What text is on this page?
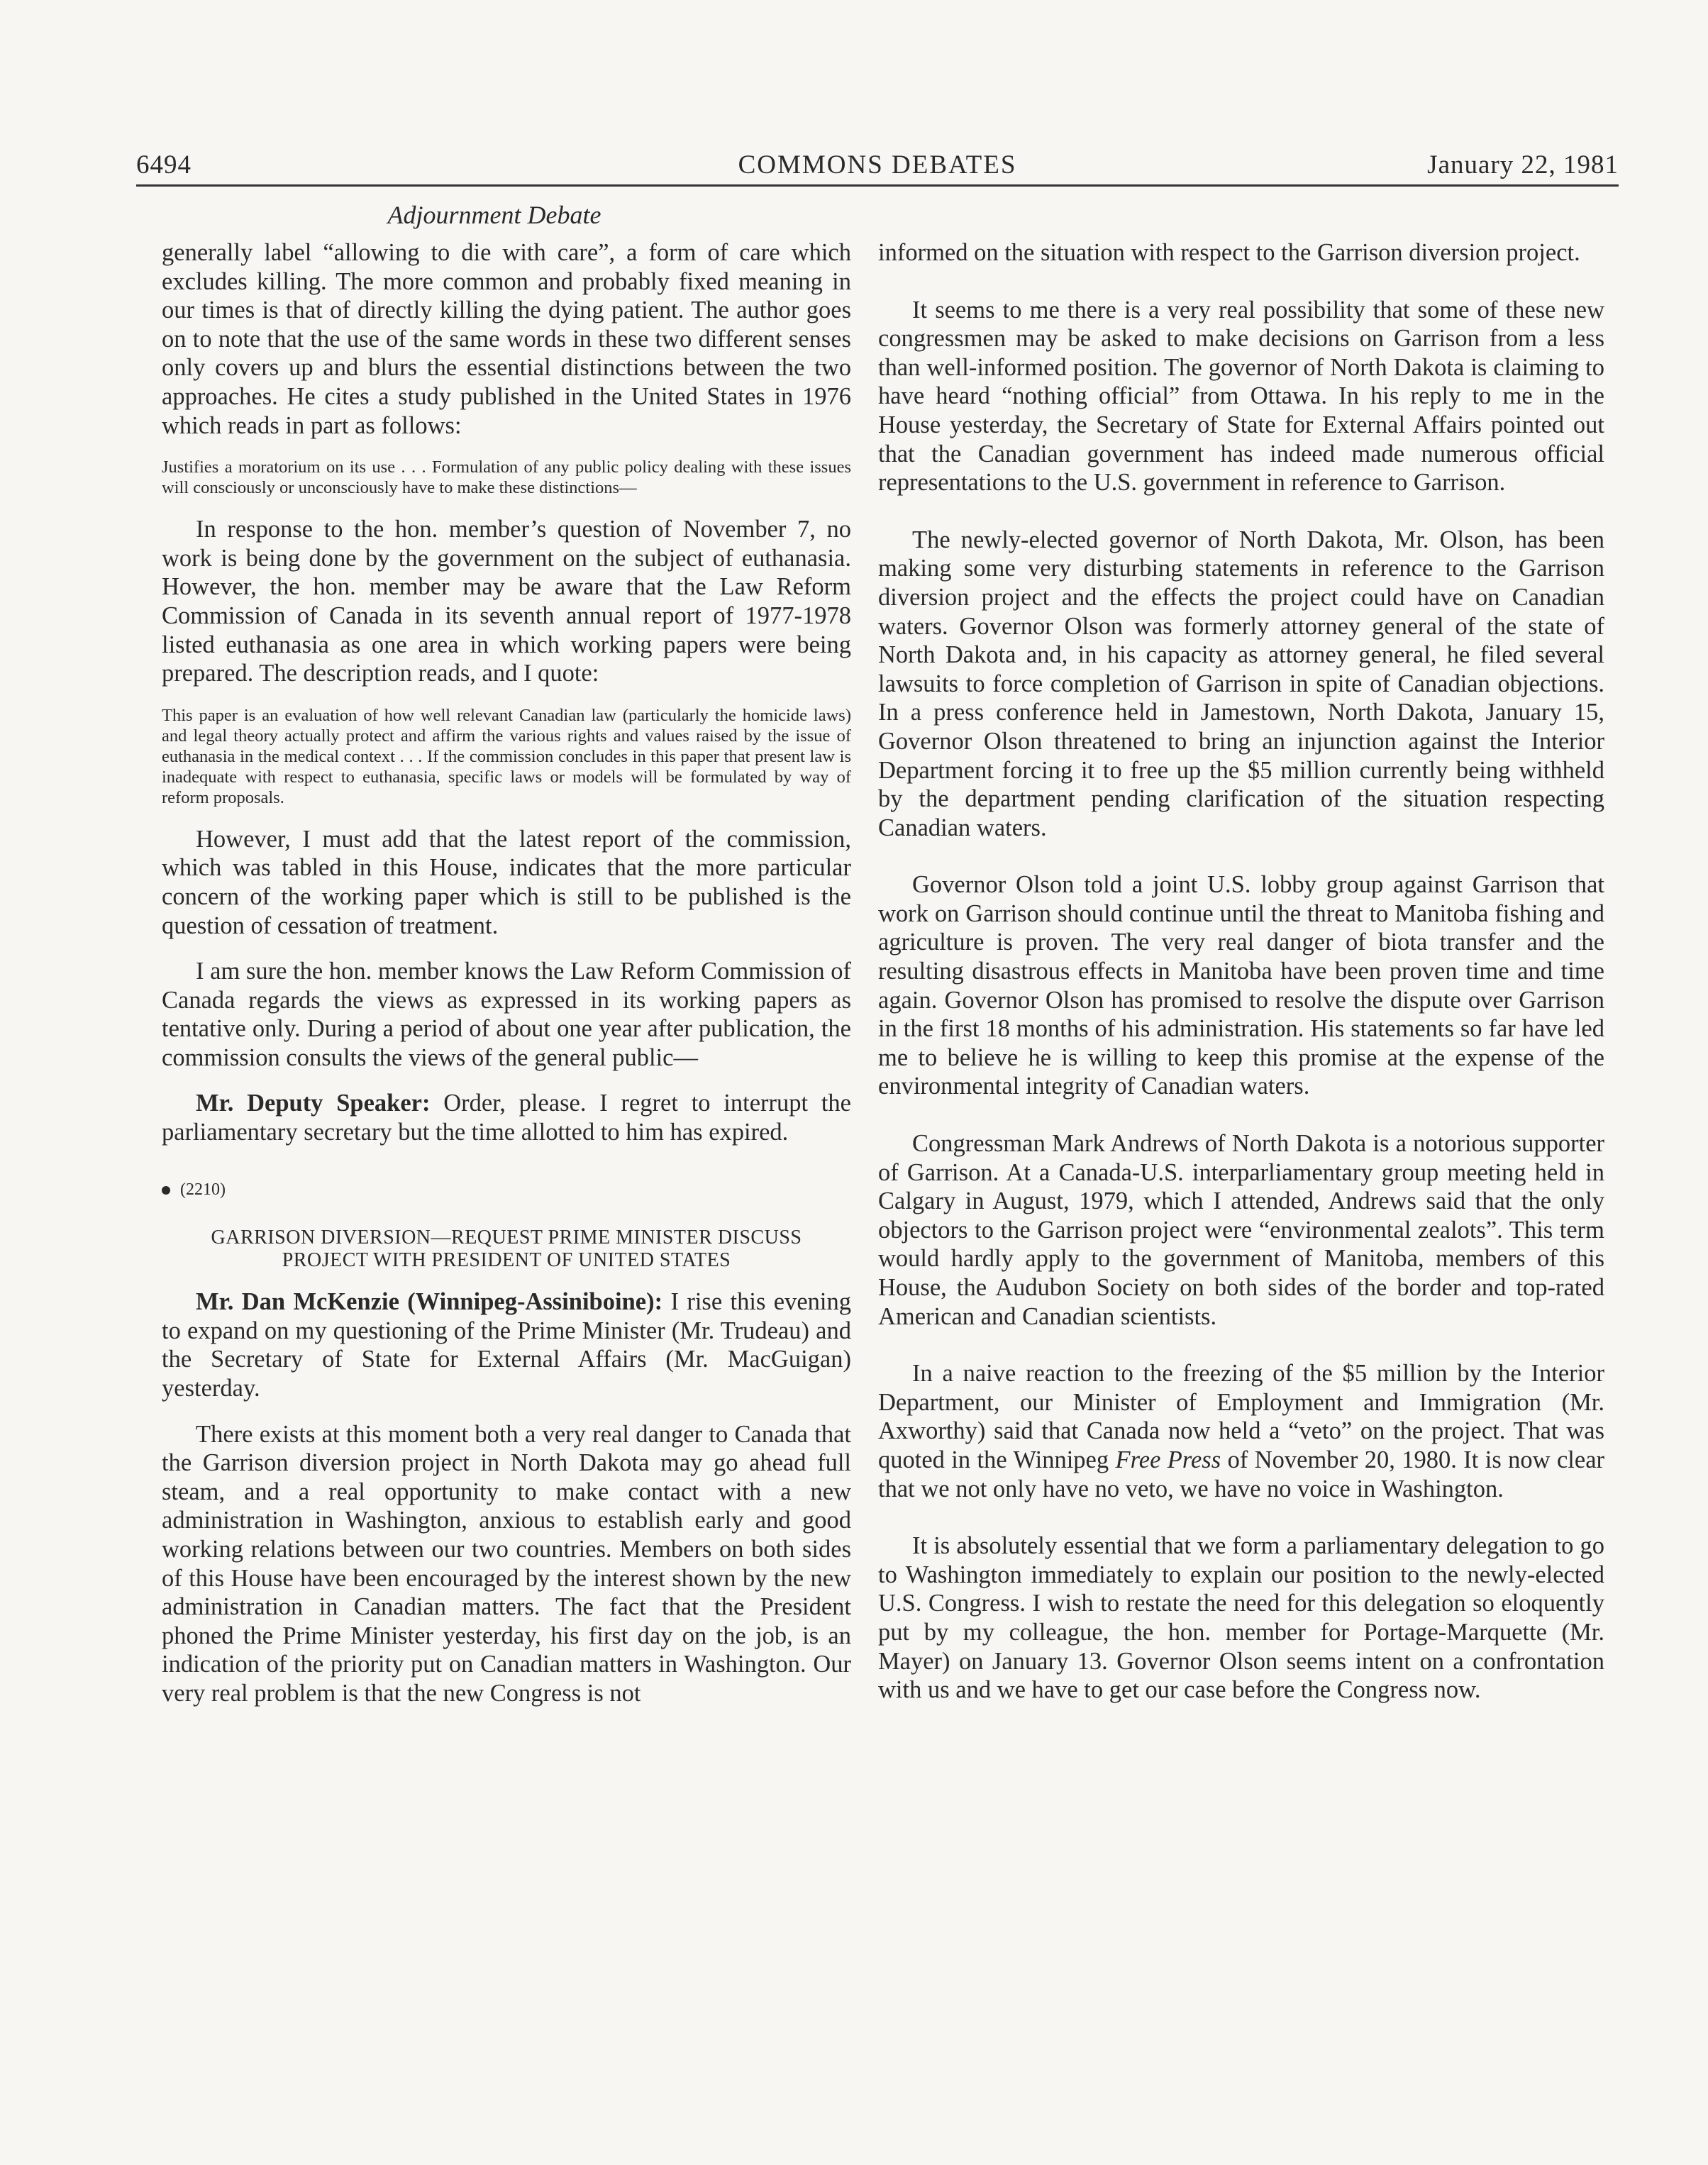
6494	COMMONS DEBATES	January 22, 1981
Adjournment Debate

generally label “allowing to die with care”, a form of care which excludes killing. The more common and probably fixed meaning in our times is that of directly killing the dying patient. The author goes on to note that the use of the same words in these two different senses only covers up and blurs the essential distinctions between the two approaches. He cites a study published in the United States in 1976 which reads in part as follows:

Justifies a moratorium on its use . . . Formulation of any public policy dealing with these issues will consciously or unconsciously have to make these distinctions—

In response to the hon. member’s question of November 7, no work is being done by the government on the subject of euthanasia. However, the hon. member may be aware that the Law Reform Commission of Canada in its seventh annual report of 1977-1978 listed euthanasia as one area in which working papers were being prepared. The description reads, and I quote:

This paper is an evaluation of how well relevant Canadian law (particularly the homicide laws) and legal theory actually protect and affirm the various rights and values raised by the issue of euthanasia in the medical context . . . If the commission concludes in this paper that present law is inadequate with respect to euthanasia, specific laws or models will be formulated by way of reform proposals.

However, I must add that the latest report of the commission, which was tabled in this House, indicates that the more particular concern of the working paper which is still to be published is the question of cessation of treatment.

I am sure the hon. member knows the Law Reform Commission of Canada regards the views as expressed in its working papers as tentative only. During a period of about one year after publication, the commission consults the views of the general public—

Mr. Deputy Speaker: Order, please. I regret to interrupt the parliamentary secretary but the time allotted to him has expired.

(2210)
GARRISON DIVERSION—REQUEST PRIME MINISTER DISCUSS
PROJECT WITH PRESIDENT OF UNITED STATES

Mr. Dan McKenzie (Winnipeg-Assiniboine): I rise this evening to expand on my questioning of the Prime Minister (Mr. Trudeau) and the Secretary of State for External Affairs (Mr. MacGuigan) yesterday.

There exists at this moment both a very real danger to Canada that the Garrison diversion project in North Dakota may go ahead full steam, and a real opportunity to make contact with a new administration in Washington, anxious to establish early and good working relations between our two countries. Members on both sides of this House have been encouraged by the interest shown by the new administration in Canadian matters. The fact that the President phoned the Prime Minister yesterday, his first day on the job, is an indication of the priority put on Canadian matters in Washington. Our very real problem is that the new Congress is not

informed on the situation with respect to the Garrison diversion project.

It seems to me there is a very real possibility that some of these new congressmen may be asked to make decisions on Garrison from a less than well-informed position. The governor of North Dakota is claiming to have heard “nothing official” from Ottawa. In his reply to me in the House yesterday, the Secretary of State for External Affairs pointed out that the Canadian government has indeed made numerous official representations to the U.S. government in reference to Garrison.

The newly-elected governor of North Dakota, Mr. Olson, has been making some very disturbing statements in reference to the Garrison diversion project and the effects the project could have on Canadian waters. Governor Olson was formerly attorney general of the state of North Dakota and, in his capacity as attorney general, he filed several lawsuits to force completion of Garrison in spite of Canadian objections. In a press conference held in Jamestown, North Dakota, January 15, Governor Olson threatened to bring an injunction against the Interior Department forcing it to free up the $5 million currently being withheld by the department pending clarification of the situation respecting Canadian waters.

Governor Olson told a joint U.S. lobby group against Garrison that work on Garrison should continue until the threat to Manitoba fishing and agriculture is proven. The very real danger of biota transfer and the resulting disastrous effects in Manitoba have been proven time and time again. Governor Olson has promised to resolve the dispute over Garrison in the first 18 months of his administration. His statements so far have led me to believe he is willing to keep this promise at the expense of the environmental integrity of Canadian waters.

Congressman Mark Andrews of North Dakota is a notorious supporter of Garrison. At a Canada-U.S. interparliamentary group meeting held in Calgary in August, 1979, which I attended, Andrews said that the only objectors to the Garrison project were “environmental zealots”. This term would hardly apply to the government of Manitoba, members of this House, the Audubon Society on both sides of the border and top-rated American and Canadian scientists.

In a naive reaction to the freezing of the $5 million by the Interior Department, our Minister of Employment and Immigration (Mr. Axworthy) said that Canada now held a “veto” on the project. That was quoted in the Winnipeg Free Press of November 20, 1980. It is now clear that we not only have no veto, we have no voice in Washington.

It is absolutely essential that we form a parliamentary delegation to go to Washington immediately to explain our position to the newly-elected U.S. Congress. I wish to restate the need for this delegation so eloquently put by my colleague, the hon. member for Portage-Marquette (Mr. Mayer) on January 13. Governor Olson seems intent on a confrontation with us and we have to get our case before the Congress now.
